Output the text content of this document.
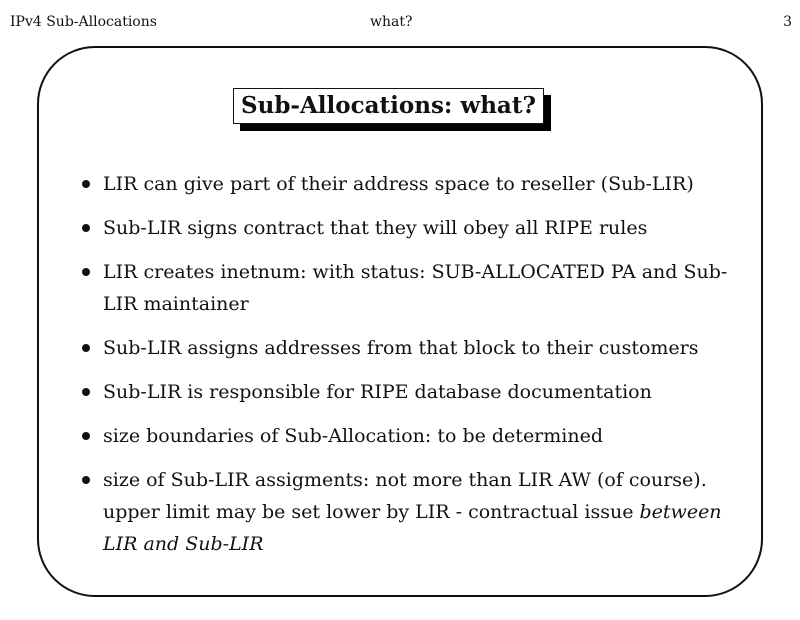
IPv4 Sub-Allocations	what?	3
Sub-Allocations: what?
LIR can give part of their address space to reseller (Sub-LIR)
Sub-LIR signs contract that they will obey all RIPE rules
LIR creates inetnum: with status: SUB-ALLOCATED PA and Sub-LIR maintainer
Sub-LIR assigns addresses from that block to their customers
Sub-LIR is responsible for RIPE database documentation
size boundaries of Sub-Allocation: to be determined
size of Sub-LIR assigments: not more than LIR AW (of course). upper limit may be set lower by LIR - contractual issue between LIR and Sub-LIR
